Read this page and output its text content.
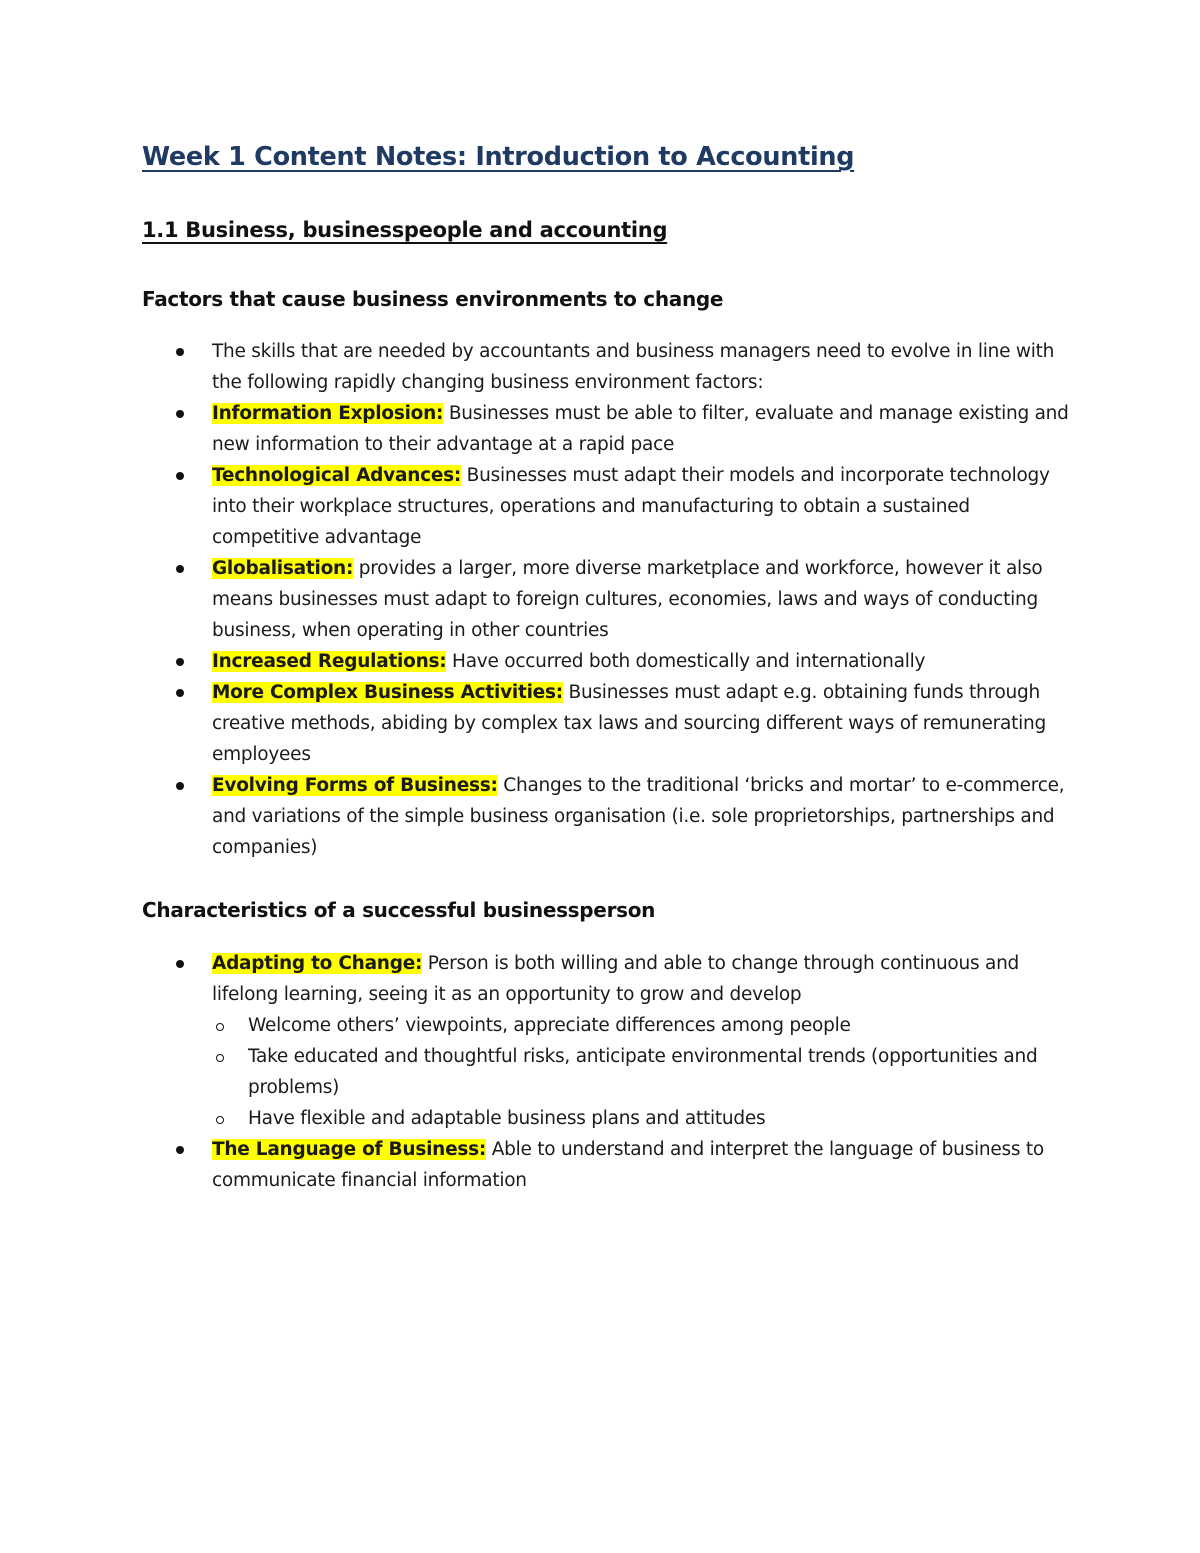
Week 1 Content Notes: Introduction to Accounting
1.1 Business, businesspeople and accounting
Factors that cause business environments to change
The skills that are needed by accountants and business managers need to evolve in line with the following rapidly changing business environment factors:
Information Explosion: Businesses must be able to filter, evaluate and manage existing and new information to their advantage at a rapid pace
Technological Advances: Businesses must adapt their models and incorporate technology into their workplace structures, operations and manufacturing to obtain a sustained competitive advantage
Globalisation: provides a larger, more diverse marketplace and workforce, however it also means businesses must adapt to foreign cultures, economies, laws and ways of conducting business, when operating in other countries
Increased Regulations: Have occurred both domestically and internationally
More Complex Business Activities: Businesses must adapt e.g. obtaining funds through creative methods, abiding by complex tax laws and sourcing different ways of remunerating employees
Evolving Forms of Business: Changes to the traditional ‘bricks and mortar’ to e-commerce, and variations of the simple business organisation (i.e. sole proprietorships, partnerships and companies)
Characteristics of a successful businessperson
Adapting to Change: Person is both willing and able to change through continuous and lifelong learning, seeing it as an opportunity to grow and develop
Welcome others’ viewpoints, appreciate differences among people
Take educated and thoughtful risks, anticipate environmental trends (opportunities and problems)
Have flexible and adaptable business plans and attitudes
The Language of Business: Able to understand and interpret the language of business to communicate financial information
